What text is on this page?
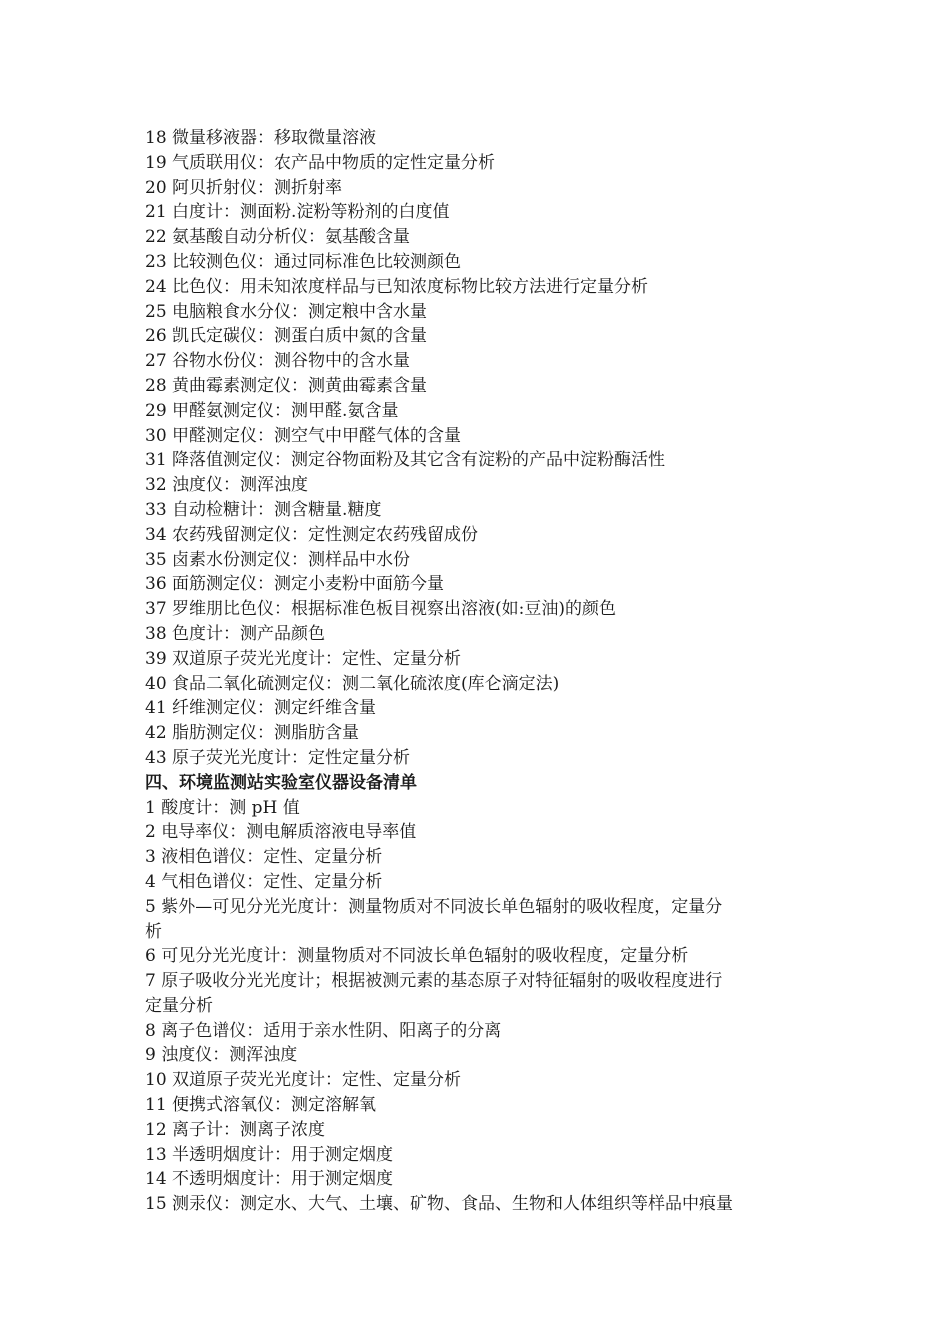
18 微量移液器：移取微量溶液

19 气质联用仪：农产品中物质的定性定量分析

20 阿贝折射仪：测折射率

21 白度计：测面粉.淀粉等粉剂的白度值

22 氨基酸自动分析仪：氨基酸含量

23 比较测色仪：通过同标准色比较测颜色

24 比色仪：用未知浓度样品与已知浓度标物比较方法进行定量分析

25 电脑粮食水分仪：测定粮中含水量

26 凯氏定碳仪：测蛋白质中氮的含量

27 谷物水份仪：测谷物中的含水量

28 黄曲霉素测定仪：测黄曲霉素含量

29 甲醛氨测定仪：测甲醛.氨含量

30 甲醛测定仪：测空气中甲醛气体的含量

31 降落值测定仪：测定谷物面粉及其它含有淀粉的产品中淀粉酶活性

32 浊度仪：测浑浊度

33 自动检糖计：测含糖量.糖度

34 农药残留测定仪：定性测定农药残留成份

35 卤素水份测定仪：测样品中水份

36 面筋测定仪：测定小麦粉中面筋今量

37 罗维朋比色仪：根据标准色板目视察出溶液(如:豆油)的颜色

38 色度计：测产品颜色

39 双道原子荧光光度计：定性、定量分析

40 食品二氧化硫测定仪：测二氧化硫浓度(库仑滴定法)

41 纤维测定仪：测定纤维含量

42 脂肪测定仪：测脂肪含量

43 原子荧光光度计：定性定量分析

四、环境监测站实验室仪器设备清单

1 酸度计：测 pH 值

2 电导率仪：测电解质溶液电导率值

3 液相色谱仪：定性、定量分析

4 气相色谱仪：定性、定量分析

5 紫外—可见分光光度计：测量物质对不同波长单色辐射的吸收程度，定量分

析

6 可见分光光度计：测量物质对不同波长单色辐射的吸收程度，定量分析

7 原子吸收分光光度计；根据被测元素的基态原子对特征辐射的吸收程度进行

定量分析

8 离子色谱仪：适用于亲水性阴、阳离子的分离

9 浊度仪：测浑浊度

10 双道原子荧光光度计：定性、定量分析

11 便携式溶氧仪：测定溶解氧

12 离子计：测离子浓度

13 半透明烟度计：用于测定烟度

14 不透明烟度计：用于测定烟度

15 测汞仪：测定水、大气、土壤、矿物、食品、生物和人体组织等样品中痕量
